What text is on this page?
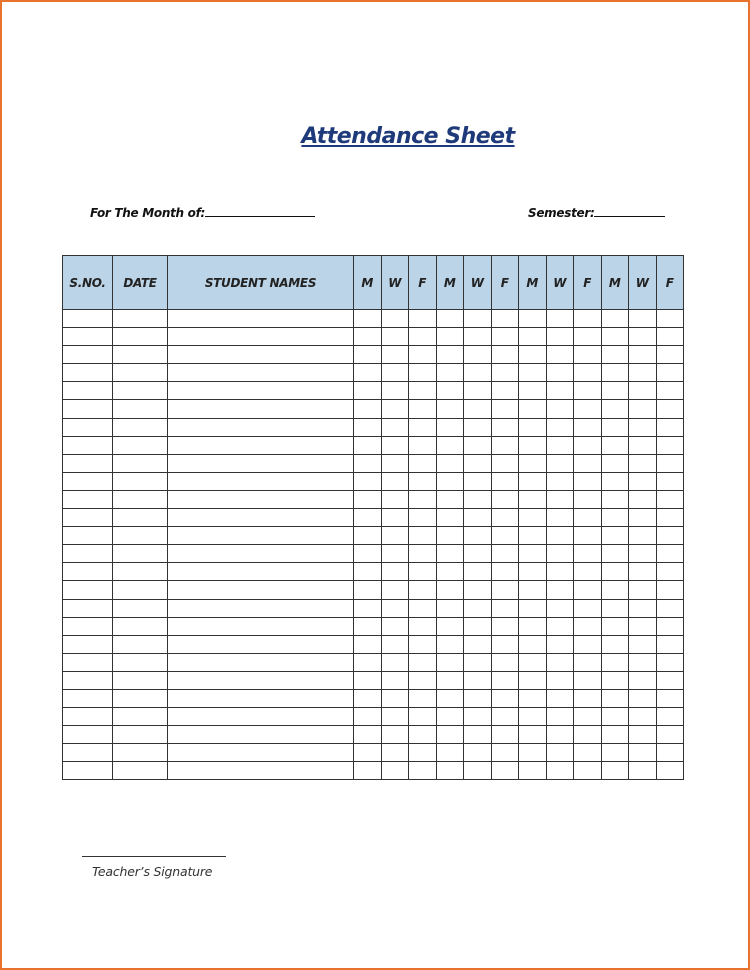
Attendance Sheet
For The Month of:	Semester:
S.NO.	DATE	STUDENT NAMES	M	W	F	M	W	F	M	W	F	M	W	F

Teacher’s Signature
